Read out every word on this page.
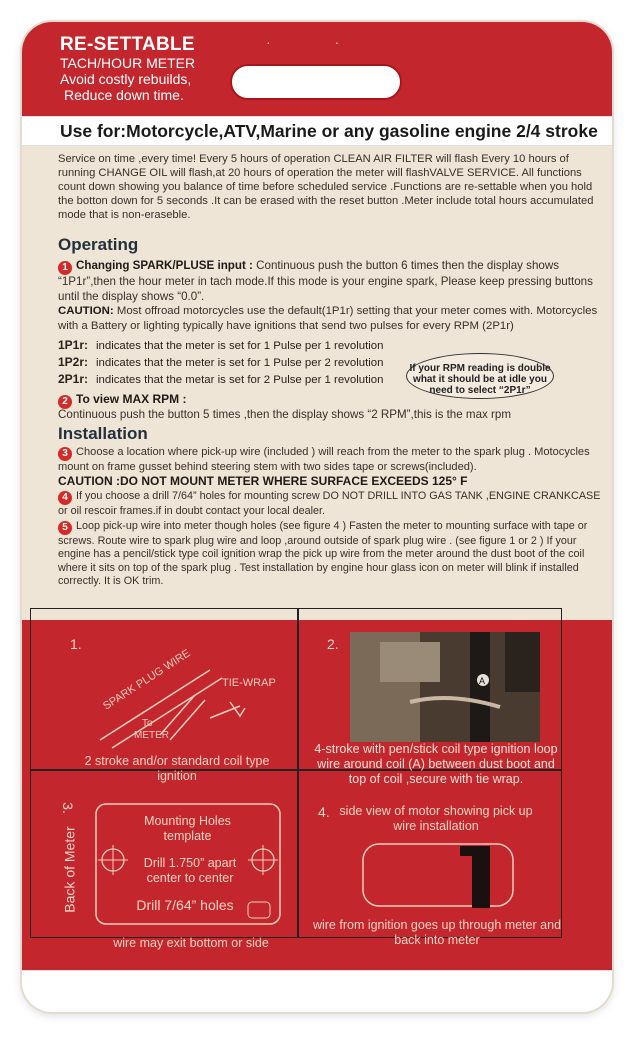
· ·
RE-SETTABLE
TACH/HOUR METER
Avoid costly rebuilds,
Reduce down time.
Use for:Motorcycle,ATV,Marine or any gasoline engine 2/4 stroke
Service on time ,every time! Every 5 hours of operation CLEAN AIR FILTER will flash Every 10 hours of running CHANGE OIL will flash,at 20 hours of operation the meter will flashVALVE SERVICE. All functions count down showing you balance of time before scheduled service .Functions are re-settable when you hold the botton down for 5 seconds .It can be erased with the reset button .Meter include total hours accumulated mode that is non-eraseble.
Operating
1 Changing SPARK/PLUSE input : Continuous push the button 6 times then the display shows “1P1r”,then the hour meter in tach mode.If this mode is your engine spark, Please keep pressing buttons until the display shows “0.0”.
CAUTION: Most offroad motorcycles use the default(1P1r) setting that your meter comes with. Motorcycles with a Battery or lighting typically have ignitions that send two pulses for every RPM (2P1r)
1P1r: indicates that the meter is set for 1 Pulse per 1 revolution
1P2r: indicates that the meter is set for 1 Pulse per 2 revolution
2P1r: indicates that the metar is set for 2 Pulse per 1 revolution
If your RPM reading is double what it should be at idle you need to select “2P1r”
2 To view MAX RPM :
Continuous push the button 5 times ,then the display shows “2 RPM”,this is the max rpm
Installation
3 Choose a location where pick-up wire (included ) will reach from the meter to the spark plug . Motocycles mount on frame gusset behind steering stem with two sides tape or screws(included).
CAUTION :DO NOT MOUNT METER WHERE SURFACE EXCEEDS 125° F
4 If you choose a drill 7/64” holes for mounting screw DO NOT DRILL INTO GAS TANK ,ENGINE CRANKCASE or oil rescoir frames.if in doubt contact your local dealer.
5 Loop pick-up wire into meter though holes (see figure 4 ) Fasten the meter to mounting surface with tape or screws. Route wire to spark plug wire and loop ,around outside of spark plug wire . (see figure 1 or 2 ) If your engine has a pencil/stick type coil ignition wrap the pick up wire from the meter around the dust boot of the coil where it sits on top of the spark plug . Test installation by engine hour glass icon on meter will blink if installed correctly. It is OK trim.
1.
SPARK PLUG WIRE	TIE-WRAP
To
METER
2 stroke and/or standard coil type ignition
2.
A
4-stroke with pen/stick coil type ignition loop wire around coil (A) between dust boot and top of coil ,secure with tie wrap.
3.
Back of Meter
Mounting Holes template
Drill 1.750” apart center to center
Drill 7/64” holes
wire may exit bottom or side
4. side view of motor showing pick up wire installation
wire from ignition goes up through meter and back into meter
